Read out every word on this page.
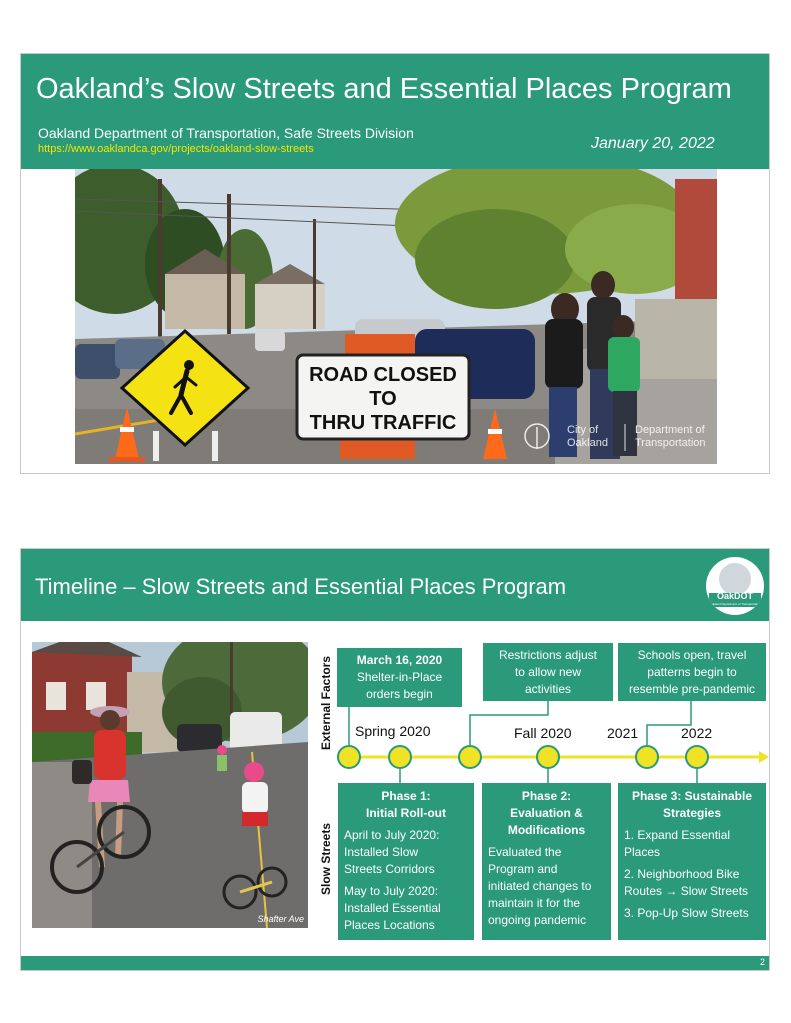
Oakland’s Slow Streets and Essential Places Program
Oakland Department of Transportation, Safe Streets Division
https://www.oaklandca.gov/projects/oakland-slow-streets	January 20, 2022
ROAD CLOSED
TO
THRU TRAFFIC	City of
Oakland
Department of
Transportation
Timeline – Slow Streets and Essential Places Program	OakDOT
Oakland Department of Transportation
Shafter Ave
External Factors
Slow Streets
Spring 2020	Fall 2020	2021	2022
March 16, 2020
Shelter-in-Place
orders begin
Restrictions adjust
to allow new
activities
Schools open, travel
patterns begin to
resemble pre-pandemic
Phase 1:
Initial Roll-out

April to July 2020:
Installed Slow
Streets Corridors

May to July 2020:
Installed Essential
Places Locations

Phase 2:
Evaluation &
Modifications

Evaluated the
Program and
initiated changes to
maintain it for the
ongoing pandemic

Phase 3: Sustainable
Strategies

1. Expand Essential
Places

2. Neighborhood Bike
Routes → Slow Streets

3. Pop-Up Slow Streets

2
